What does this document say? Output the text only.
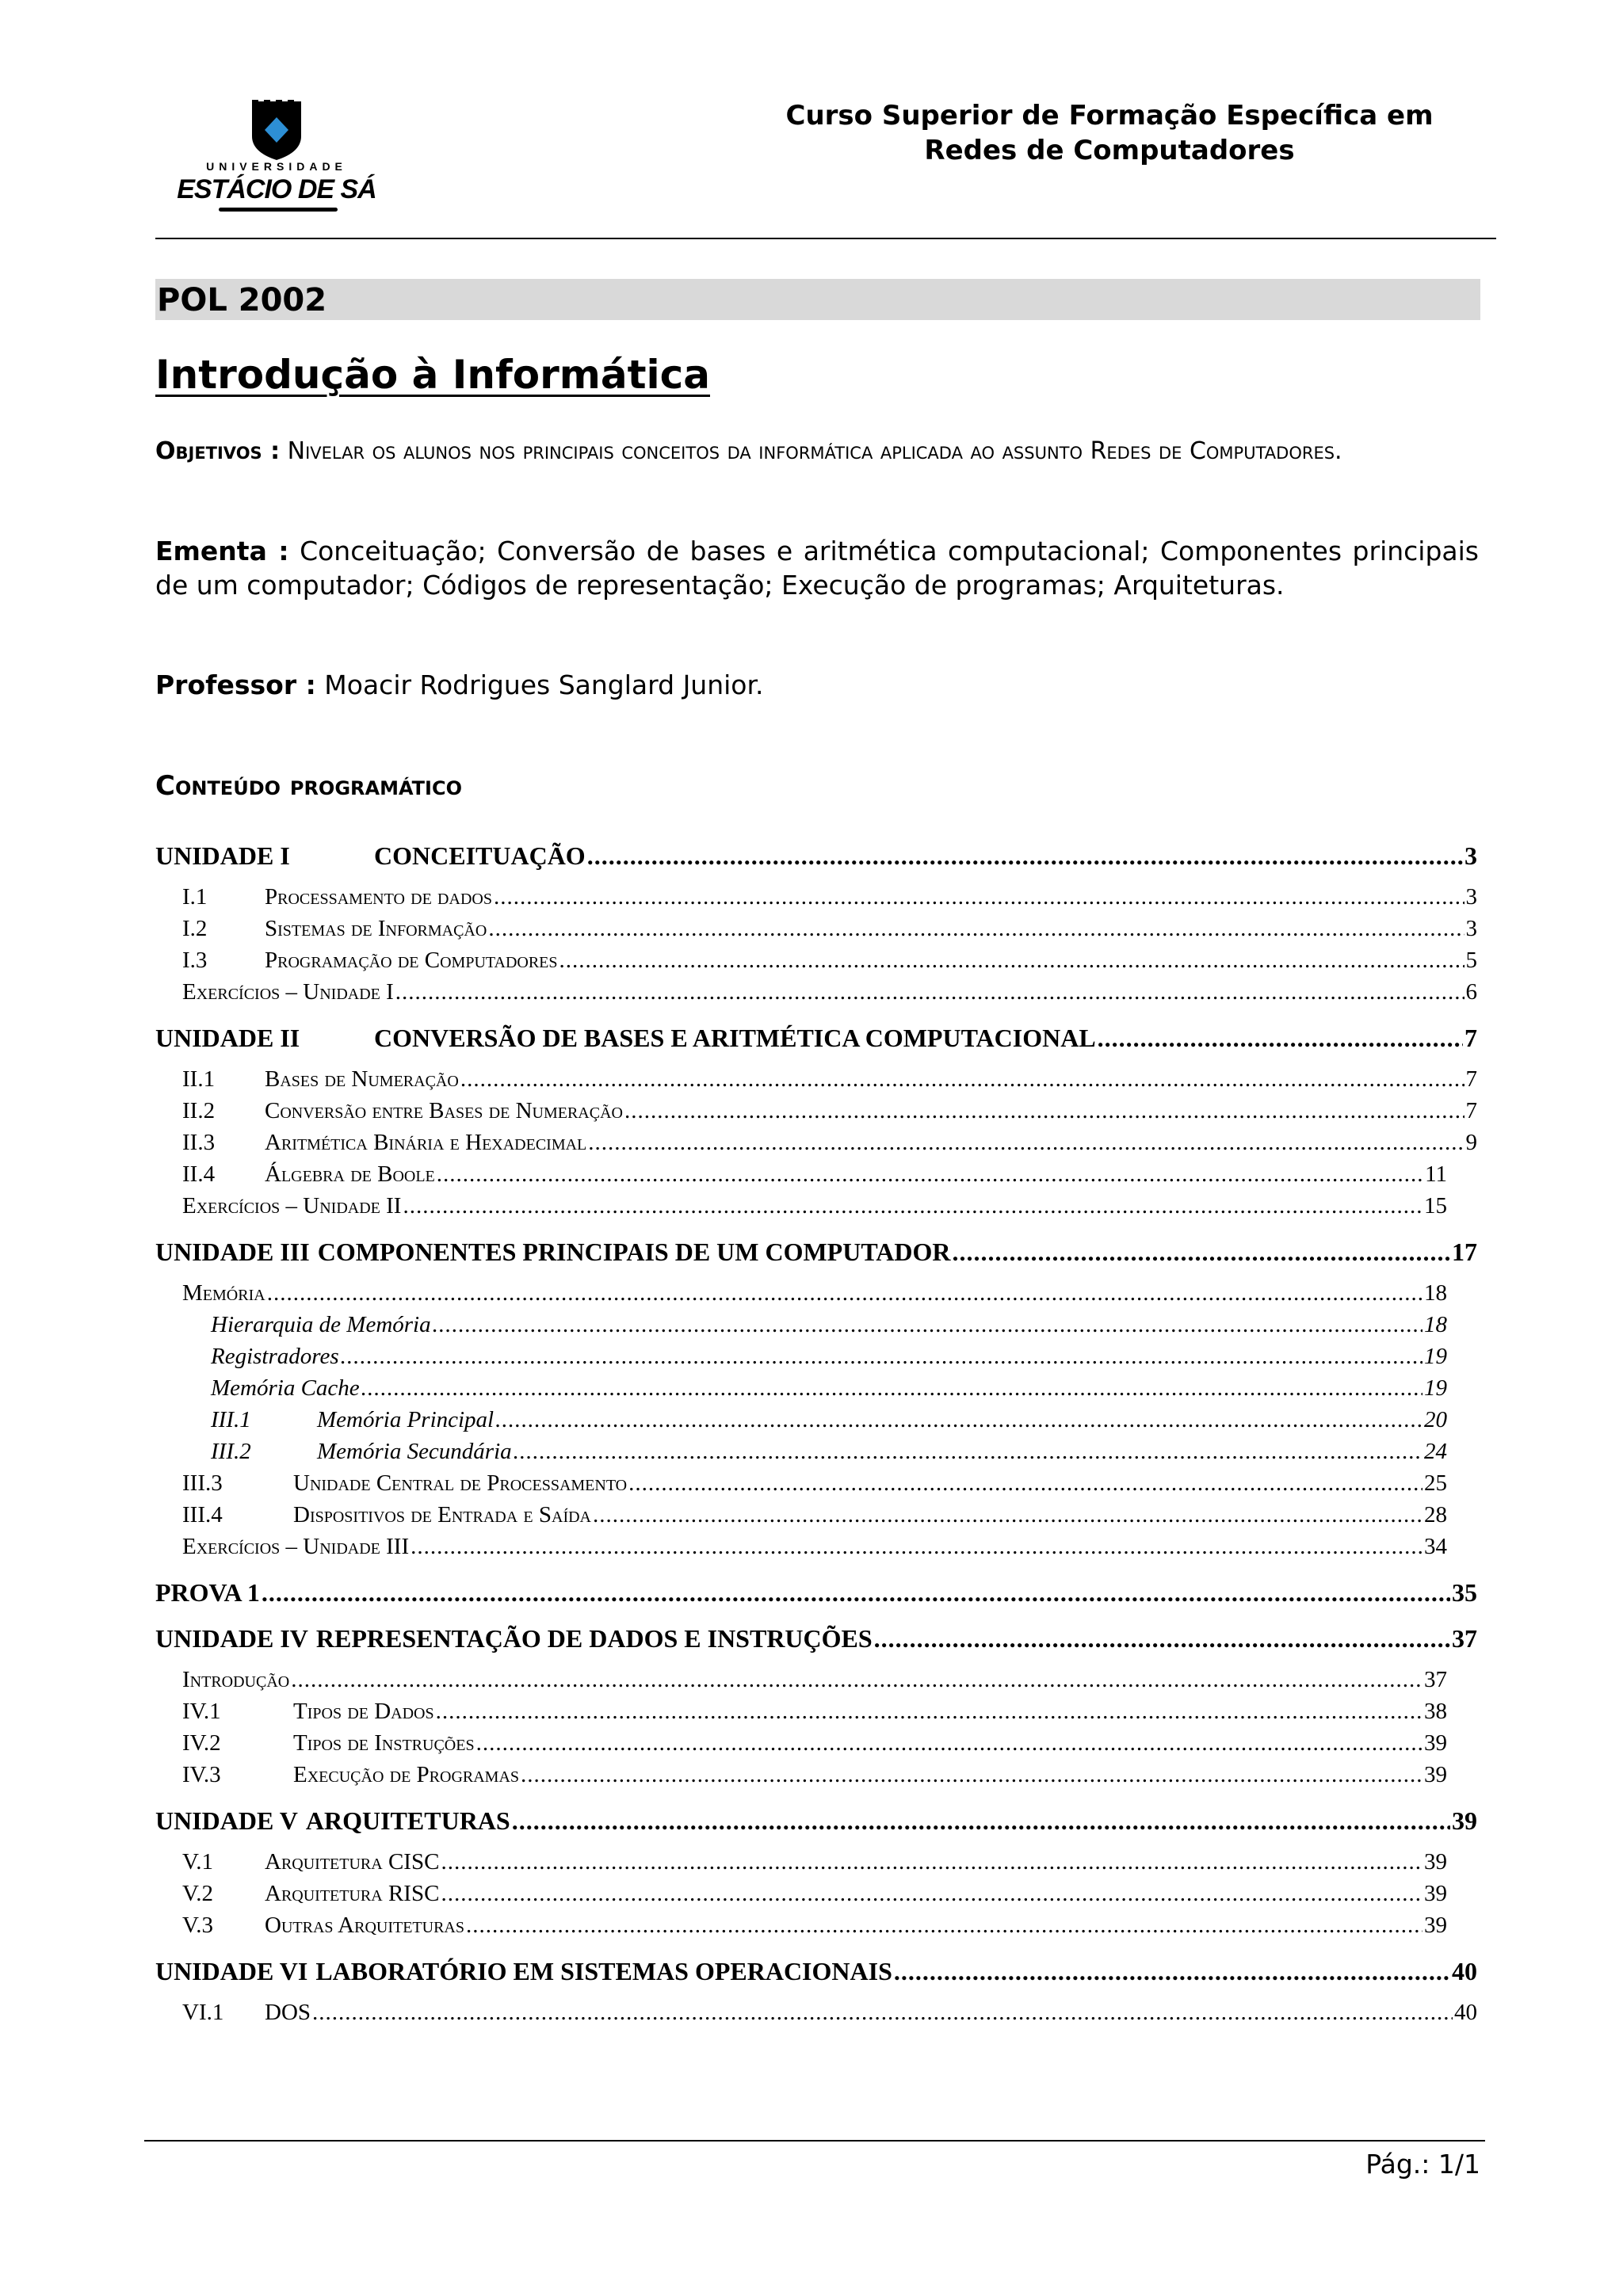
UNIVERSIDADE
ESTÁCIO DE SÁ
Curso Superior de Formação Específica em
Redes de Computadores
POL 2002
Introdução à Informática
Objetivos : Nivelar os alunos nos principais conceitos da informática aplicada ao assunto Redes de Computadores.
Ementa : Conceituação; Conversão de bases e aritmética computacional; Componentes principais de um computador; Códigos de representação; Execução de programas; Arquiteturas.
Professor : Moacir Rodrigues Sanglard Junior.
Conteúdo programático
UNIDADE I	CONCEITUAÇÃO .....	3
I.1	Processamento de dados .....	3
I.2	Sistemas de Informação .....	3
I.3	Programação de Computadores .....	5
Exercícios – Unidade I .....	6
UNIDADE II	CONVERSÃO DE BASES E ARITMÉTICA COMPUTACIONAL .....	7
II.1	Bases de Numeração .....	7
II.2	Conversão entre Bases de Numeração .....	7
II.3	Aritmética Binária e Hexadecimal .....	9
II.4	Álgebra de Boole .....	11
Exercícios – Unidade II .....	15
UNIDADE III COMPONENTES PRINCIPAIS DE UM COMPUTADOR .....	17
Memória .....	18
Hierarquia de Memória .....	18
Registradores .....	19
Memória Cache .....	19
III.1	Memória Principal .....	20
III.2	Memória Secundária .....	24
III.3	Unidade Central de Processamento .....	25
III.4	Dispositivos de Entrada e Saída .....	28
Exercícios – Unidade III .....	34
PROVA 1 .....	35
UNIDADE IV REPRESENTAÇÃO DE DADOS E INSTRUÇÕES .....	37
Introdução .....	37
IV.1	Tipos de Dados .....	38
IV.2	Tipos de Instruções .....	39
IV.3	Execução de Programas .....	39
UNIDADE V ARQUITETURAS .....	39
V.1	Arquitetura CISC .....	39
V.2	Arquitetura RISC .....	39
V.3	Outras Arquiteturas .....	39
UNIDADE VI LABORATÓRIO EM SISTEMAS OPERACIONAIS .....	40
VI.1	DOS .....	40
Pág.: 1/1
